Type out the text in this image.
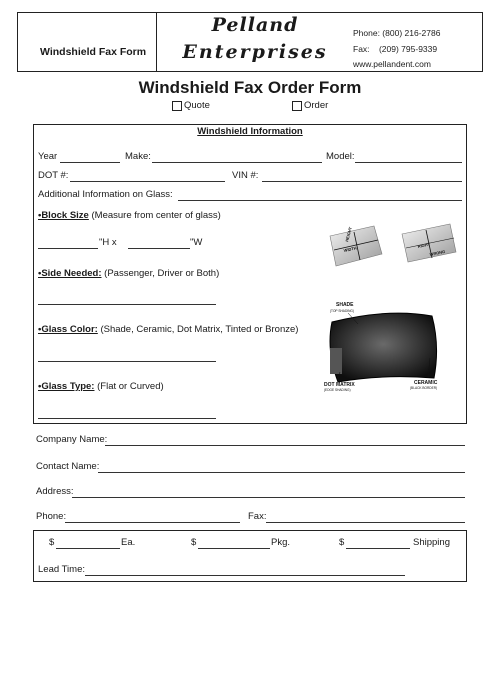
Windshield Fax Form
Pelland
Enterprises
Phone: (800) 216-2786
Fax:    (209) 795-9339
www.pellandent.com
Windshield Fax Order Form
Quote	Order
Windshield Information
Year	Make:	Model:
DOT #:	VIN #:
Additional Information on Glass:
•Block Size (Measure from center of glass)
"H x	"W
•Side Needed: (Passenger, Driver or Both)
•Glass Color: (Shade, Ceramic, Dot Matrix, Tinted or Bronze)
•Glass Type: (Flat or Curved)
HEIGHT
WIDTH
RIGHT
WRONG
SHADE
(TOP SHADING)
DOT MATRIX
(EDGE SHADING)
CERAMIC
(BLACK BORDER)
Company Name:
Contact Name:
Address:
Phone:	Fax:
$	Ea.	$	Pkg.	$	Shipping
Lead Time:
